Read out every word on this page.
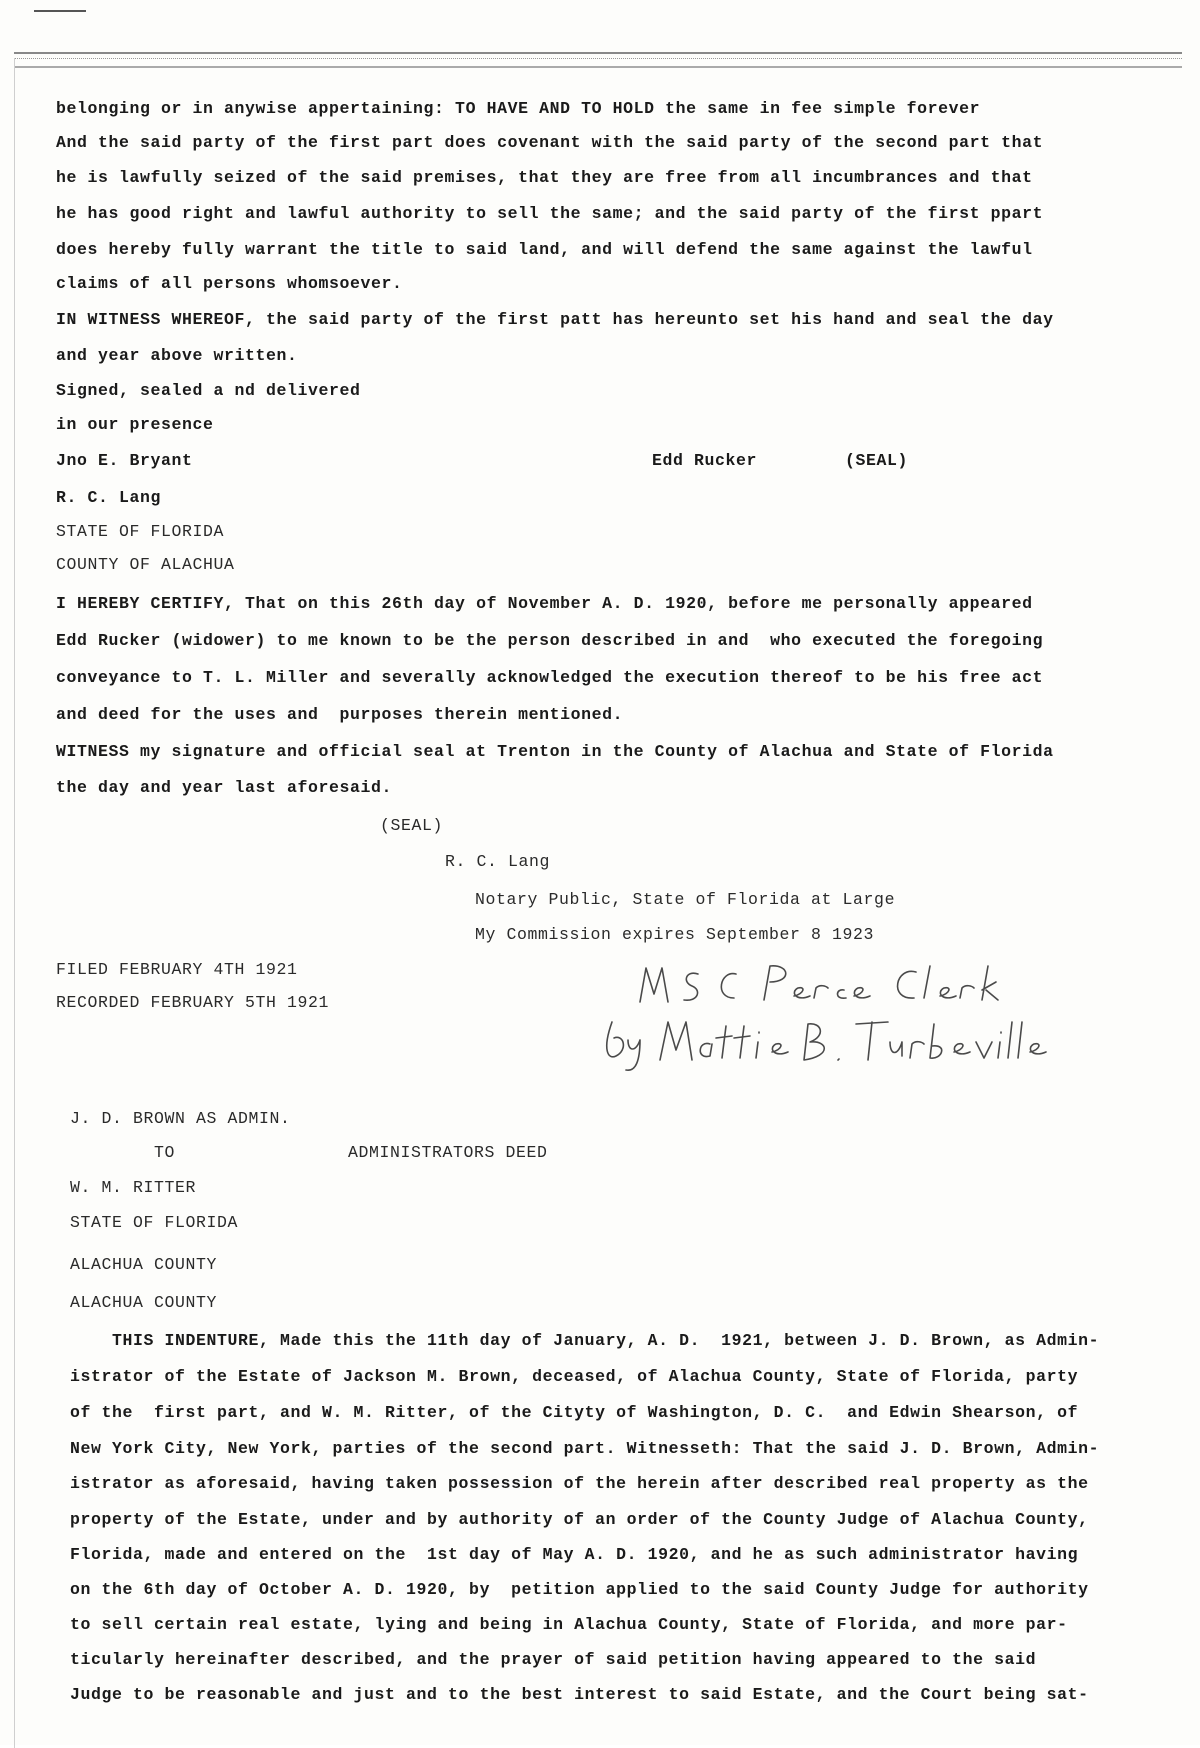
belonging or in anywise appertaining: TO HAVE AND TO HOLD the same in fee simple forever
And the said party of the first part does covenant with the said party of the second part that
he is lawfully seized of the said premises, that they are free from all incumbrances and that
he has good right and lawful authority to sell the same; and the said party of the first ppart
does hereby fully warrant the title to said land, and will defend the same against the lawful
claims of all persons whomsoever.
IN WITNESS WHEREOF, the said party of the first patt has hereunto set his hand and seal the day
and year above written.
Signed, sealed a nd delivered
in our presence
Jno E. Bryant	Edd Rucker	(SEAL)
R. C. Lang
STATE OF FLORIDA
COUNTY OF ALACHUA
I HEREBY CERTIFY, That on this 26th day of November A. D. 1920, before me personally appeared
Edd Rucker (widower) to me known to be the person described in and  who executed the foregoing
conveyance to T. L. Miller and severally acknowledged the execution thereof to be his free act
and deed for the uses and  purposes therein mentioned.
WITNESS my signature and official seal at Trenton in the County of Alachua and State of Florida
the day and year last aforesaid.
(SEAL)
R. C. Lang
Notary Public, State of Florida at Large
My Commission expires September 8 1923
FILED FEBRUARY 4TH 1921
RECORDED FEBRUARY 5TH 1921
J. D. BROWN AS ADMIN.
TO	ADMINISTRATORS DEED
W. M. RITTER
STATE OF FLORIDA
ALACHUA COUNTY
ALACHUA COUNTY
THIS INDENTURE, Made this the 11th day of January, A. D.  1921, between J. D. Brown, as Admin-
istrator of the Estate of Jackson M. Brown, deceased, of Alachua County, State of Florida, party
of the  first part, and W. M. Ritter, of the Cityty of Washington, D. C.  and Edwin Shearson, of
New York City, New York, parties of the second part. Witnesseth: That the said J. D. Brown, Admin-
istrator as aforesaid, having taken possession of the herein after described real property as the
property of the Estate, under and by authority of an order of the County Judge of Alachua County,
Florida, made and entered on the  1st day of May A. D. 1920, and he as such administrator having
on the 6th day of October A. D. 1920, by  petition applied to the said County Judge for authority
to sell certain real estate, lying and being in Alachua County, State of Florida, and more par-
ticularly hereinafter described, and the prayer of said petition having appeared to the said
Judge to be reasonable and just and to the best interest to said Estate, and the Court being sat-
